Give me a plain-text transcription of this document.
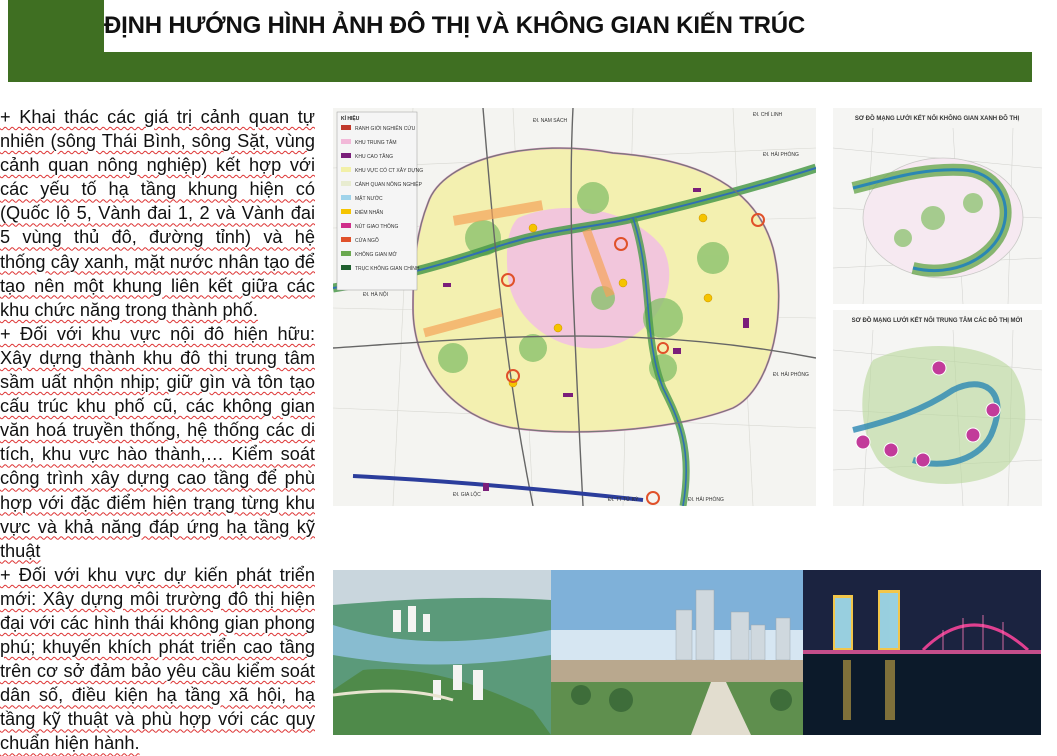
ĐỊNH HƯỚNG HÌNH ẢNH ĐÔ THỊ VÀ KHÔNG GIAN KIẾN TRÚC

+ Khai thác các giá trị cảnh quan tự nhiên (sông Thái Bình, sông Sặt, vùng cảnh quan nông nghiệp) kết hợp với các yếu tố hạ tầng khung hiện có (Quốc lộ 5, Vành đai 1, 2 và Vành đai 5 vùng thủ đô, đường tỉnh) và hệ thống cây xanh, mặt nước nhân tạo để tạo nên một khung liên kết giữa các khu chức năng trong thành phố.

+ Đối với khu vực nội đô hiện hữu: Xây dựng thành khu đô thị trung tâm sầm uất nhộn nhịp; giữ gìn và tôn tạo cấu trúc khu phố cũ, các không gian văn hoá truyền thống, hệ thống các di tích, khu vực hào thành,… Kiểm soát công trình xây dựng cao tầng để phù hợp với đặc điểm hiện trạng từng khu vực và khả năng đáp ứng hạ tầng kỹ thuật

+ Đối với khu vực dự kiến phát triển mới: Xây dựng môi trường đô thị hiện đại với các hình thái không gian phong phú; khuyến khích phát triển cao tầng trên cơ sở đảm bảo yêu cầu kiểm soát dân số, điều kiện hạ tầng xã hội, hạ tầng kỹ thuật và phù hợp với các quy chuẩn hiện hành.

KÍ HIỆU
RANH GIỚI NGHIÊN CỨU
KHU TRUNG TÂM
KHU CAO TẦNG
KHU VỰC CÓ CT XÂY DỰNG
CẢNH QUAN NÔNG NGHIỆP
MẶT NƯỚC
ĐIỂM NHẤN
NÚT GIAO THÔNG
CỬA NGÕ
KHÔNG GIAN MỞ
TRỤC KHÔNG GIAN CHÍNH
ĐI. CHÍ LINH
ĐI. NAM SÁCH
ĐI. HẢI PHÒNG
ĐI. HÀ NỘI
ĐI. HẢI PHÒNG
ĐI. GIA LỘC
ĐI. TT TỨ KỲ	ĐI. HẢI PHÒNG
SƠ ĐỒ MẠNG LƯỚI KẾT NỐI KHÔNG GIAN XANH ĐÔ THỊ
SƠ ĐỒ MẠNG LƯỚI KẾT NỐI TRUNG TÂM CÁC ĐÔ THỊ MỚI
